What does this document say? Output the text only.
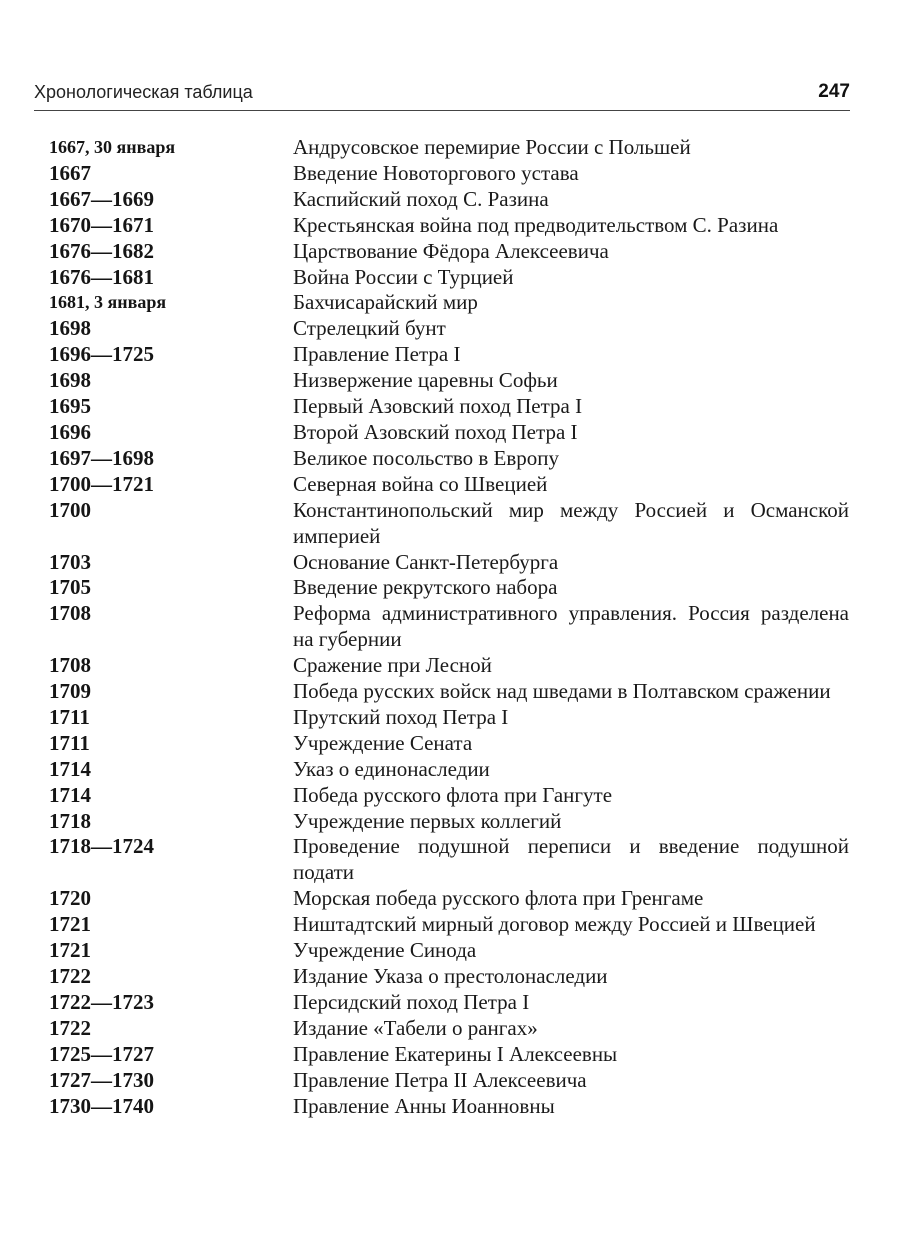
Хронологическая таблица	247
1667, 30 января	Андрусовское перемирие России с Польшей
1667	Введение Новоторгового устава
1667—1669	Каспийский поход С. Разина
1670—1671	Крестьянская война под предводительством С. Разина
1676—1682	Царствование Фёдора Алексеевича
1676—1681	Война России с Турцией
1681, 3 января	Бахчисарайский мир
1698	Стрелецкий бунт
1696—1725	Правление Петра I
1698	Низвержение царевны Софьи
1695	Первый Азовский поход Петра I
1696	Второй Азовский поход Петра I
1697—1698	Великое посольство в Европу
1700—1721	Северная война со Швецией
1700	Константинопольский мир между Россией и Османской империей
1703	Основание Санкт-Петербурга
1705	Введение рекрутского набора
1708	Реформа административного управления. Россия разделена на губернии
1708	Сражение при Лесной
1709	Победа русских войск над шведами в Полтавском сражении
1711	Прутский поход Петра I
1711	Учреждение Сената
1714	Указ о единонаследии
1714	Победа русского флота при Гангуте
1718	Учреждение первых коллегий
1718—1724	Проведение подушной переписи и введение подушной подати
1720	Морская победа русского флота при Гренгаме
1721	Ништадтский мирный договор между Россией и Швецией
1721	Учреждение Синода
1722	Издание Указа о престолонаследии
1722—1723	Персидский поход Петра I
1722	Издание «Табели о рангах»
1725—1727	Правление Екатерины I Алексеевны
1727—1730	Правление Петра II Алексеевича
1730—1740	Правление Анны Иоанновны
